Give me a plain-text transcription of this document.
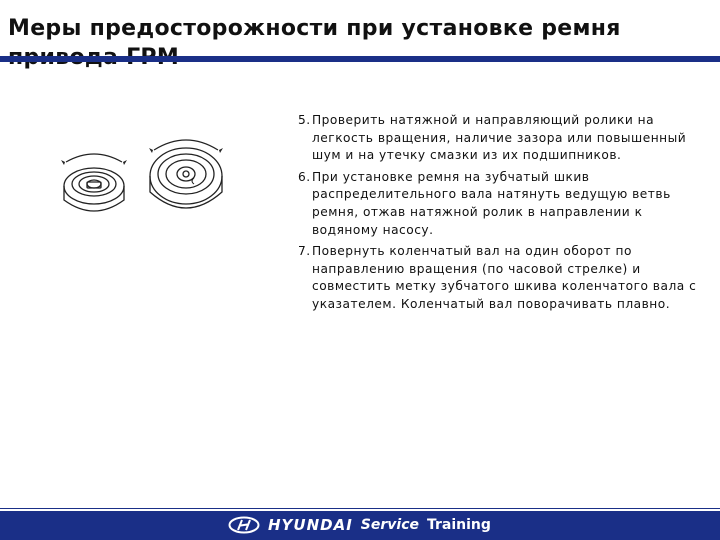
Меры предосторожности при установке ремня
5. Проверить натяжной и направляющий ролики на легкость вращения, наличие зазора или повышенный шум и на утечку смазки из их подшипников.
6. При установке ремня на зубчатый шкив распределительного вала натянуть ведущую ветвь ремня, отжав натяжной ролик в направлении к водяному насосу.
7. Повернуть коленчатый вал на один оборот по направлению вращения (по часовой стрелке) и совместить метку зубчатого шкива коленчатого вала с указателем. Коленчатый вал поворачивать плавно.
HYUNDAI Service Training
